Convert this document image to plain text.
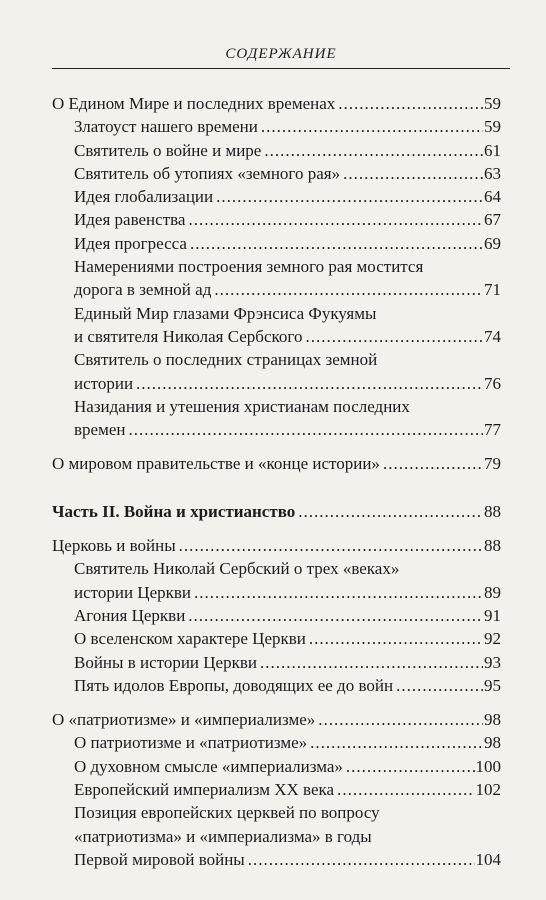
СОДЕРЖАНИЕ
О Едином Мире и последних временах .....	59
Златоуст нашего времени .....	59
Святитель о войне и мире .....	61
Святитель об утопиях «земного рая» .....	63
Идея глобализации .....	64
Идея равенства .....	67
Идея прогресса .....	69
Намерениями построения земного рая мостится
дорога в земной ад .....	71
Единый Мир глазами Фрэнсиса Фукуямы
и святителя Николая Сербского .....	74
Святитель о последних страницах земной
истории .....	76
Назидания и утешения христианам последних
времен .....	77
О мировом правительстве и «конце истории» .....	79
Часть II. Война и христианство .....	88
Церковь и войны .....	88
Святитель Николай Сербский о трех «веках»
истории Церкви .....	89
Агония Церкви .....	91
О вселенском характере Церкви .....	92
Войны в истории Церкви .....	93
Пять идолов Европы, доводящих ее до войн .....	95
О «патриотизме» и «империализме» .....	98
О патриотизме и «патриотизме» .....	98
О духовном смысле «империализма» .....	100
Европейский империализм XX века .....	102
Позиция европейских церквей по вопросу
«патриотизма» и «империализма» в годы
Первой мировой войны .....	104
